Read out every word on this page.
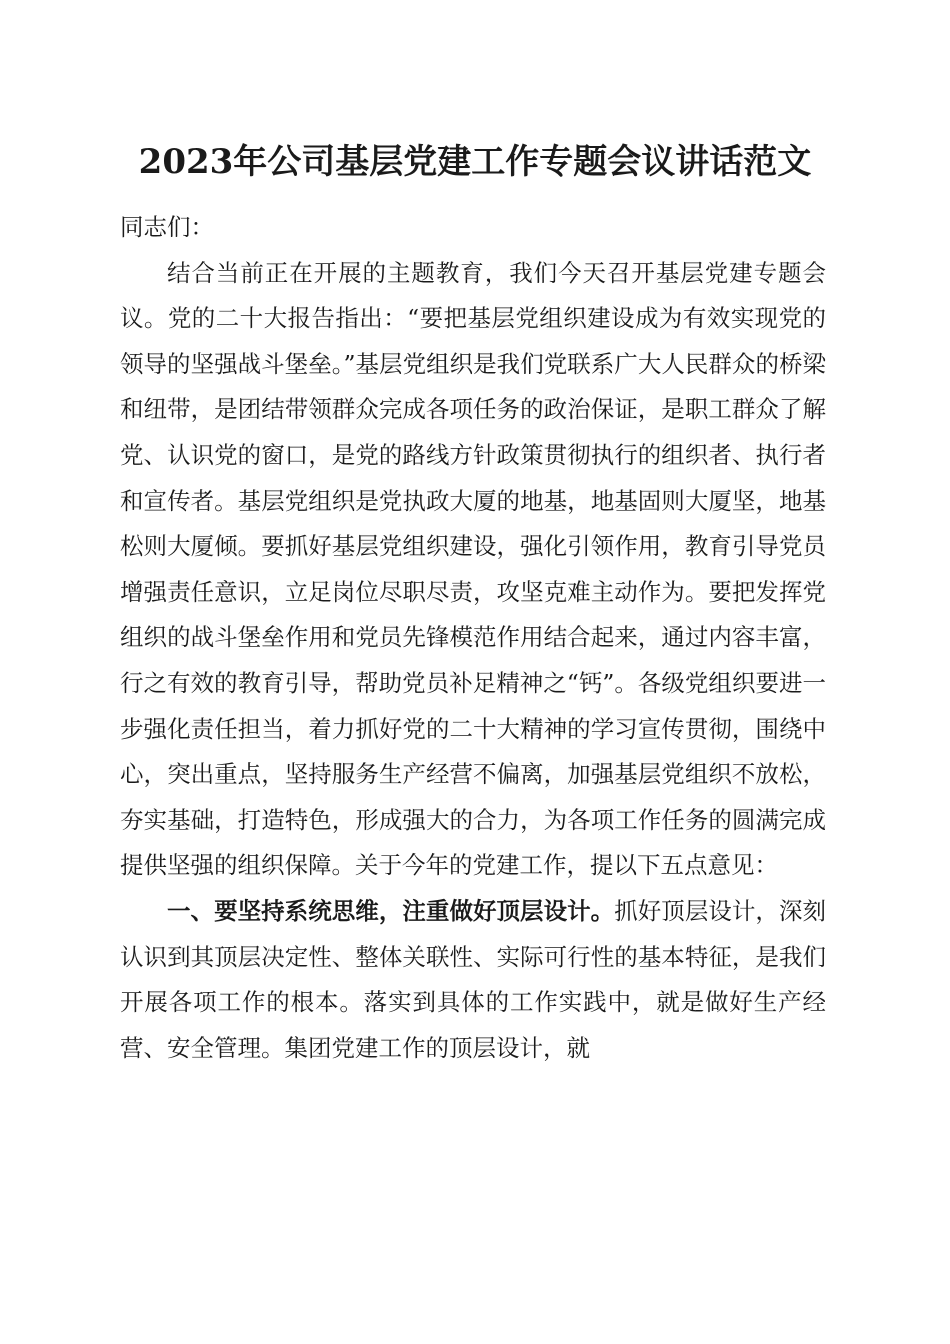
2023年公司基层党建工作专题会议讲话范文

同志们：

结合当前正在开展的主题教育，我们今天召开基层党建专题会议。党的二十大报告指出：“要把基层党组织建设成为有效实现党的领导的坚强战斗堡垒。”基层党组织是我们党联系广大人民群众的桥梁和纽带，是团结带领群众完成各项任务的政治保证，是职工群众了解党、认识党的窗口，是党的路线方针政策贯彻执行的组织者、执行者和宣传者。基层党组织是党执政大厦的地基，地基固则大厦坚，地基松则大厦倾。要抓好基层党组织建设，强化引领作用，教育引导党员增强责任意识，立足岗位尽职尽责，攻坚克难主动作为。要把发挥党组织的战斗堡垒作用和党员先锋模范作用结合起来，通过内容丰富，行之有效的教育引导，帮助党员补足精神之“钙”。各级党组织要进一步强化责任担当，着力抓好党的二十大精神的学习宣传贯彻，围绕中心，突出重点，坚持服务生产经营不偏离，加强基层党组织不放松，夯实基础，打造特色，形成强大的合力，为各项工作任务的圆满完成提供坚强的组织保障。关于今年的党建工作，提以下五点意见：

一、要坚持系统思维，注重做好顶层设计。抓好顶层设计，深刻认识到其顶层决定性、整体关联性、实际可行性的基本特征，是我们开展各项工作的根本。落实到具体的工作实践中，就是做好生产经营、安全管理。集团党建工作的顶层设计，就
